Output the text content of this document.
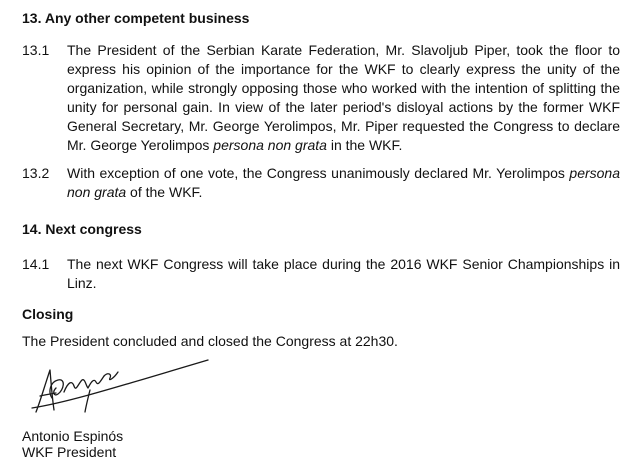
13. Any other competent business
13.1	The President of the Serbian Karate Federation, Mr. Slavoljub Piper, took the floor to express his opinion of the importance for the WKF to clearly express the unity of the organization, while strongly opposing those who worked with the intention of splitting the unity for personal gain. In view of the later period's disloyal actions by the former WKF General Secretary, Mr. George Yerolimpos, Mr. Piper requested the Congress to declare Mr. George Yerolimpos persona non grata in the WKF.
13.2	With exception of one vote, the Congress unanimously declared Mr. Yerolimpos persona non grata of the WKF.
14. Next congress
14.1	The next WKF Congress will take place during the 2016 WKF Senior Championships in Linz.
Closing
The President concluded and closed the Congress at 22h30.
Antonio Espinós
WKF President
